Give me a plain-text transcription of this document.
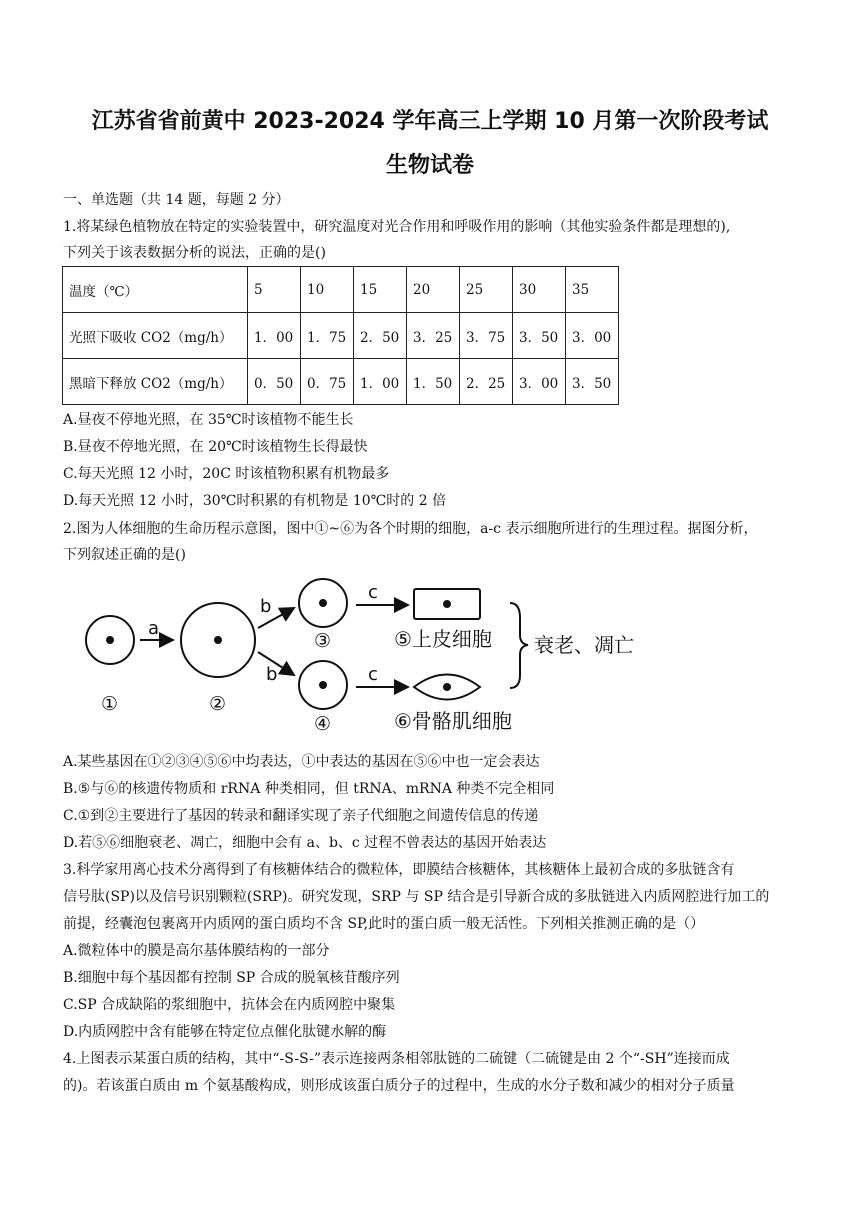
江苏省省前黄中 2023-2024 学年高三上学期 10 月第一次阶段考试
生物试卷
一、单选题（共 14 题，每题 2 分）
1.将某绿色植物放在特定的实验装置中，研究温度对光合作用和呼吸作用的影响（其他实验条件都是理想的),
下列关于该表数据分析的说法，正确的是()
温度（℃）	5	10	15	20	25	30	35
光照下吸收 CO2（mg/h）	1．00	1．75	2．50	3．25	3．75	3．50	3．00
黑暗下释放 CO2（mg/h）	0．50	0．75	1．00	1．50	2．25	3．00	3．50
A.昼夜不停地光照，在 35℃时该植物不能生长
B.昼夜不停地光照，在 20℃时该植物生长得最快
C.每天光照 12 小时，20C 时该植物积累有机物最多
D.每天光照 12 小时，30℃时积累的有机物是 10℃时的 2 倍
2.图为人体细胞的生命历程示意图，图中①~⑥为各个时期的细胞，a-c 表示细胞所进行的生理过程。据图分析，
下列叙述正确的是()
a
b
b
c
c
①	②
③
④
⑤上皮细胞
⑥骨骼肌细胞
衰老、凋亡
A.某些基因在①②③④⑤⑥中均表达，①中表达的基因在⑤⑥中也一定会表达
B.⑤与⑥的核遗传物质和 rRNA 种类相同，但 tRNA、mRNA 种类不完全相同
C.①到②主要进行了基因的转录和翻译实现了亲子代细胞之间遗传信息的传递
D.若⑤⑥细胞衰老、凋亡，细胞中会有 a、b、c 过程不曾表达的基因开始表达
3.科学家用离心技术分离得到了有核糖体结合的微粒体，即膜结合核糖体，其核糖体上最初合成的多肽链含有
信号肽(SP)以及信号识别颗粒(SRP)。研究发现，SRP 与 SP 结合是引导新合成的多肽链进入内质网腔进行加工的
前提，经囊泡包裹离开内质网的蛋白质均不含 SP,此时的蛋白质一般无活性。下列相关推测正确的是（）
A.微粒体中的膜是高尔基体膜结构的一部分
B.细胞中每个基因都有控制 SP 合成的脱氧核苷酸序列
C.SP 合成缺陷的浆细胞中，抗体会在内质网腔中聚集
D.内质网腔中含有能够在特定位点催化肽键水解的酶
4.上图表示某蛋白质的结构，其中“-S-S-”表示连接两条相邻肽链的二硫键（二硫键是由 2 个“-SH”连接而成
的)。若该蛋白质由 m 个氨基酸构成，则形成该蛋白质分子的过程中，生成的水分子数和减少的相对分子质量
